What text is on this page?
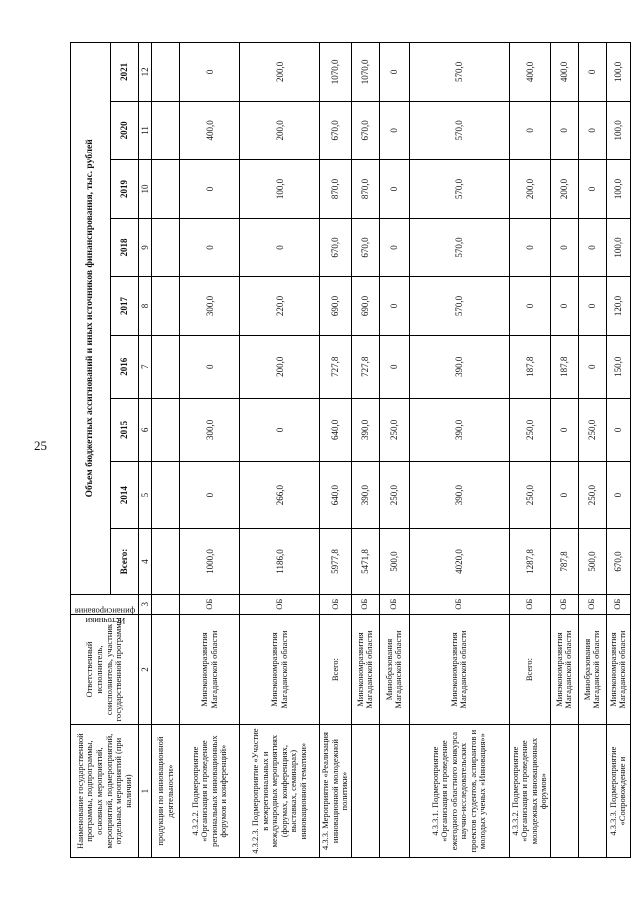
25
Наименование государственной программы, подпрограммы, основных мероприятий, мероприятий, подмероприятий, отдельных мероприятий (при наличии)	Ответственный исполнитель, соисполнитель, участник государственной программы	Источники финансирования	Объем бюджетных ассигнований и иных источников финансирования, тыс. рублей								
			Всего:	2014	2015	2016	2017	2018	2019	2020	2021
1	2	3	4	5	6	7	8	9	10	11	12
продукции по инновационной деятельности»											
4.3.2.2. Подмероприятие «Организация и проведение региональных инновационных форумов и конференций»	Минэкономразвития Магаданской области	ОБ	1000,0	0	300,0	0	300,0	0	0	400,0	0
4.3.2.3. Подмероприятие «Участие в межрегиональных и международных мероприятиях (форумах, конференциях, выставках, семинарах) инновационной тематики»	Минэкономразвития Магаданской области	ОБ	1186,0	266,0	0	200,0	220,0	0	100,0	200,0	200,0
4.3.3. Мероприятие «Реализация инновационной молодежной политики»	Всего:	ОБ	5977,8	640,0	640,0	727,8	690,0	670,0	870,0	670,0	1070,0
	Минэкономразвития Магаданской области	ОБ	5471,8	390,0	390,0	727,8	690,0	670,0	870,0	670,0	1070,0
	Минобразования Магаданской области	ОБ	500,0	250,0	250,0	0	0	0	0	0	0
4.3.3.1. Подмероприятие «Организация и проведение ежегодного областного конкурса научно-исследовательских проектов студентов, аспирантов и молодых ученых «Инновация»»	Минэкономразвития Магаданской области	ОБ	4020,0	390,0	390,0	390,0	570,0	570,0	570,0	570,0	570,0
4.3.3.2. Подмероприятие «Организация и проведение молодежных инновационных форумов»	Всего:	ОБ	1287,8	250,0	250,0	187,8	0	0	200,0	0	400,0
	Минэкономразвития Магаданской области	ОБ	787,8	0	0	187,8	0	0	200,0	0	400,0
	Минобразования Магаданской области	ОБ	500,0	250,0	250,0	0	0	0	0	0	0
4.3.3.3. Подмероприятие «Сопровождение и	Минэкономразвития Магаданской области	ОБ	670,0	0	0	150,0	120,0	100,0	100,0	100,0	100,0
